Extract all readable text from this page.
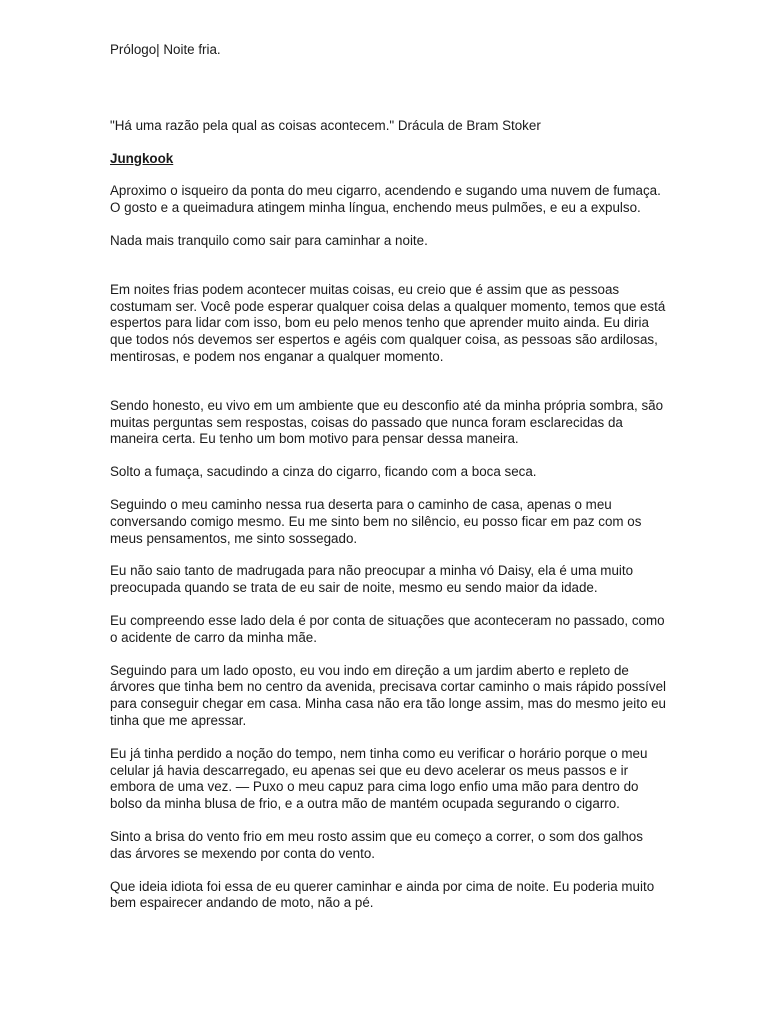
Prólogo| Noite fria.

"Há uma razão pela qual as coisas acontecem." Drácula de Bram Stoker

Jungkook

Aproximo o isqueiro da ponta do meu cigarro, acendendo e sugando uma nuvem de fumaça. O gosto e a queimadura atingem minha língua, enchendo meus pulmões, e eu a expulso.

Nada mais tranquilo como sair para caminhar a noite.

Em noites frias podem acontecer muitas coisas, eu creio que é assim que as pessoas costumam ser. Você pode esperar qualquer coisa delas a qualquer momento, temos que está espertos para lidar com isso, bom eu pelo menos tenho que aprender muito ainda. Eu diria que todos nós devemos ser espertos e agéis com qualquer coisa, as pessoas são ardilosas, mentirosas, e podem nos enganar a qualquer momento.

Sendo honesto, eu vivo em um ambiente que eu desconfio até da minha própria sombra, são muitas perguntas sem respostas, coisas do passado que nunca foram esclarecidas da maneira certa. Eu tenho um bom motivo para pensar dessa maneira.

Solto a fumaça, sacudindo a cinza do cigarro, ficando com a boca seca.

Seguindo o meu caminho nessa rua deserta para o caminho de casa, apenas o meu conversando comigo mesmo. Eu me sinto bem no silêncio, eu posso ficar em paz com os meus pensamentos, me sinto sossegado.

Eu não saio tanto de madrugada para não preocupar a minha vó Daisy, ela é uma muito preocupada quando se trata de eu sair de noite, mesmo eu sendo maior da idade.

Eu compreendo esse lado dela é por conta de situações que aconteceram no passado, como o acidente de carro da minha mãe.

Seguindo para um lado oposto, eu vou indo em direção a um jardim aberto e repleto de árvores que tinha bem no centro da avenida, precisava cortar caminho o mais rápido possível para conseguir chegar em casa. Minha casa não era tão longe assim, mas do mesmo jeito eu tinha que me apressar.

Eu já tinha perdido a noção do tempo, nem tinha como eu verificar o horário porque o meu celular já havia descarregado, eu apenas sei que eu devo acelerar os meus passos e ir embora de uma vez. — Puxo o meu capuz para cima logo enfio uma mão para dentro do bolso da minha blusa de frio, e a outra mão de mantém ocupada segurando o cigarro.

Sinto a brisa do vento frio em meu rosto assim que eu começo a correr, o som dos galhos das árvores se mexendo por conta do vento.

Que ideia idiota foi essa de eu querer caminhar e ainda por cima de noite. Eu poderia muito bem espairecer andando de moto, não a pé.
